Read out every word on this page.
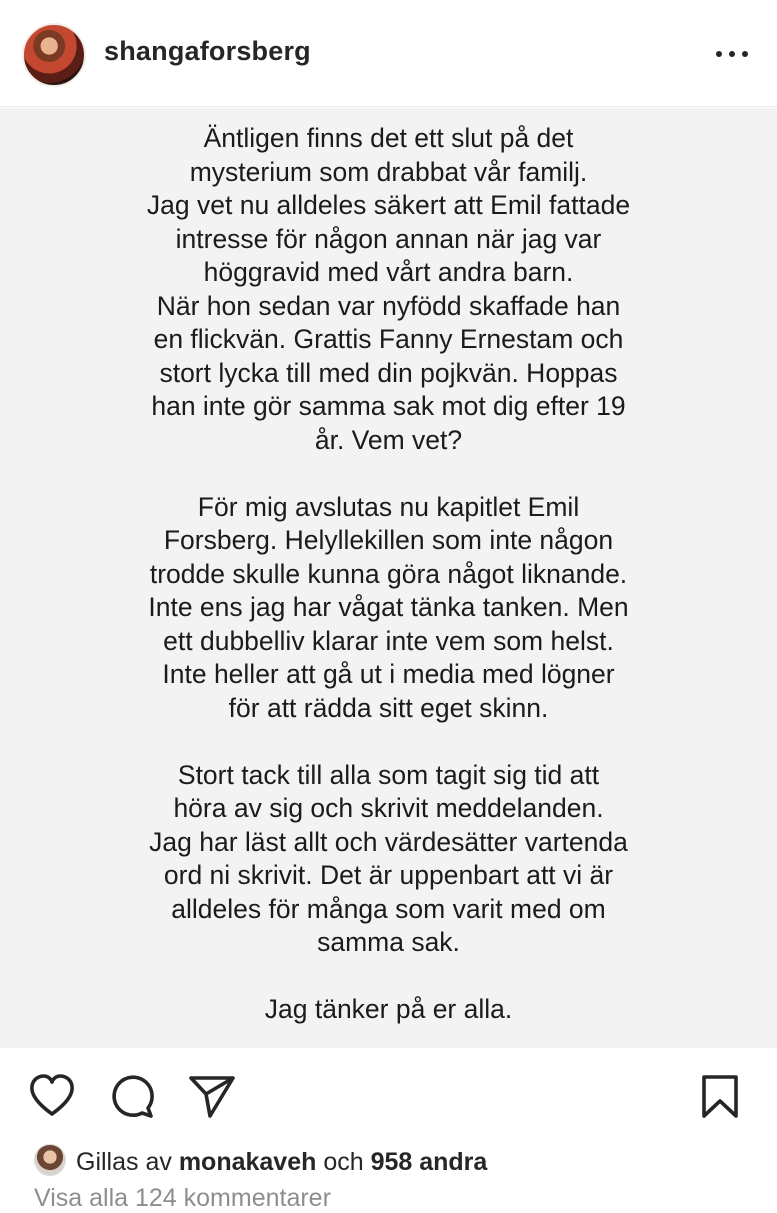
shangaforsberg

Äntligen finns det ett slut på det
mysterium som drabbat vår familj.
Jag vet nu alldeles säkert att Emil fattade
intresse för någon annan när jag var
höggravid med vårt andra barn.
När hon sedan var nyfödd skaffade han
en flickvän. Grattis Fanny Ernestam och
stort lycka till med din pojkvän. Hoppas
han inte gör samma sak mot dig efter 19
år. Vem vet?

För mig avslutas nu kapitlet Emil
Forsberg. Helyllekillen som inte någon
trodde skulle kunna göra något liknande.
Inte ens jag har vågat tänka tanken. Men
ett dubbelliv klarar inte vem som helst.
Inte heller att gå ut i media med lögner
för att rädda sitt eget skinn.

Stort tack till alla som tagit sig tid att
höra av sig och skrivit meddelanden.
Jag har läst allt och värdesätter vartenda
ord ni skrivit. Det är uppenbart att vi är
alldeles för många som varit med om
samma sak.

Jag tänker på er alla.

Gillas av monakaveh och 958 andra
Visa alla 124 kommentarer
